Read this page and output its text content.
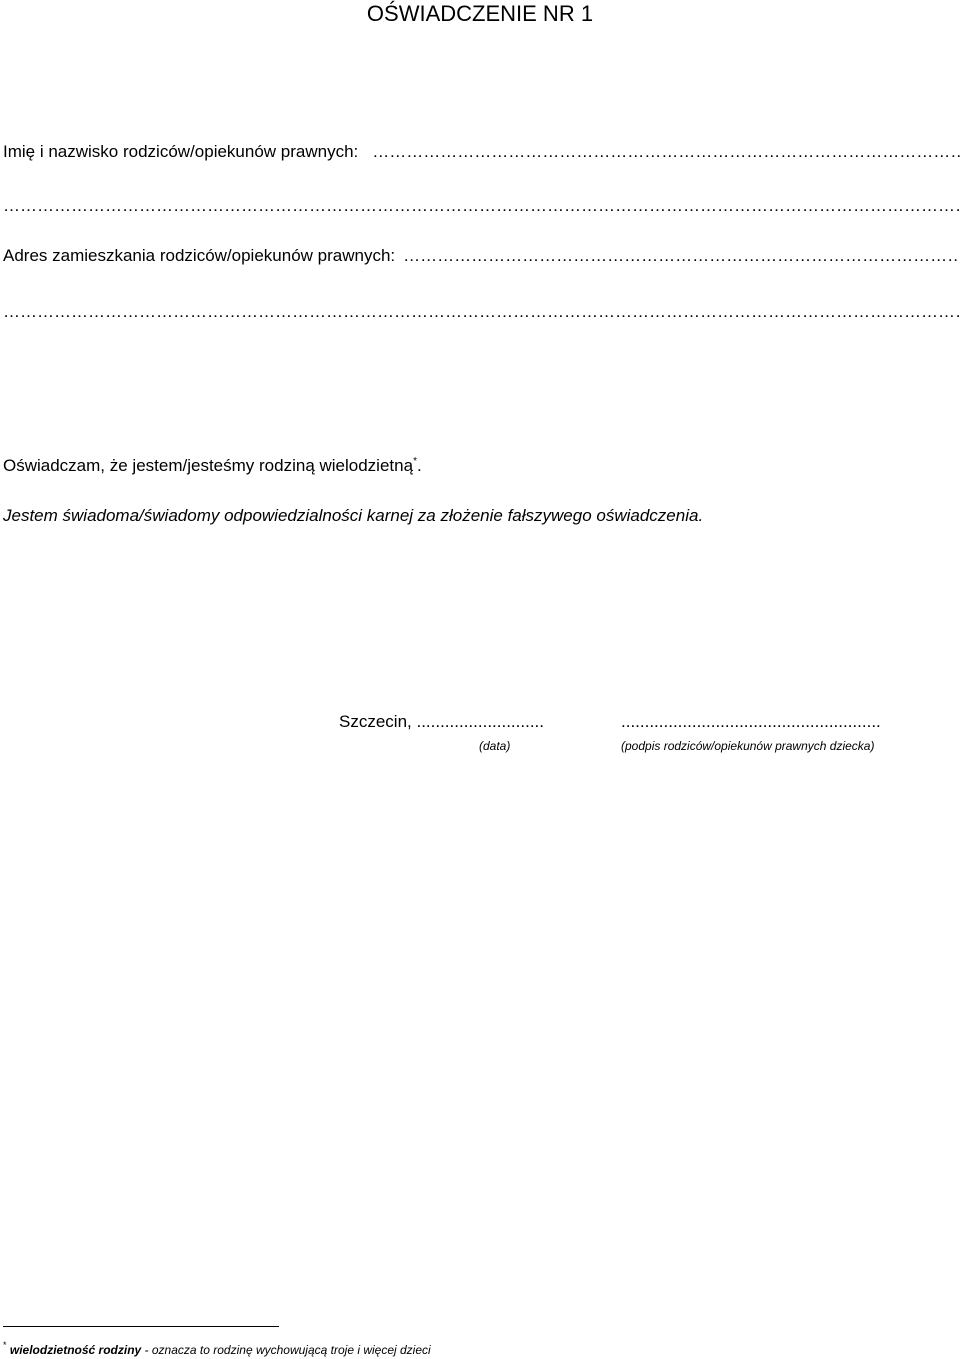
OŚWIADCZENIE NR 1
Imię i nazwisko rodziców/opiekunów prawnych:
……………………………………………………………………………………………………………………………………………………………………………………………………………………………………………………………………
……………………………………………………………………………………………………………………………………………………………………………………………………………………………………………………………………
Adres zamieszkania rodziców/opiekunów prawnych:
……………………………………………………………………………………………………………………………………………………………………………………………………………………………………………………………………
……………………………………………………………………………………………………………………………………………………………………………………………………………………………………………………………………
Oświadczam, że jestem/jesteśmy rodziną wielodzietną*.
Jestem świadoma/świadomy odpowiedzialności karnej za złożenie fałszywego oświadczenia.
Szczecin, ...........................	.......................................................
(data)	(podpis rodziców/opiekunów prawnych dziecka)
* wielodzietność rodziny - oznacza to rodzinę wychowującą troje i więcej dzieci
